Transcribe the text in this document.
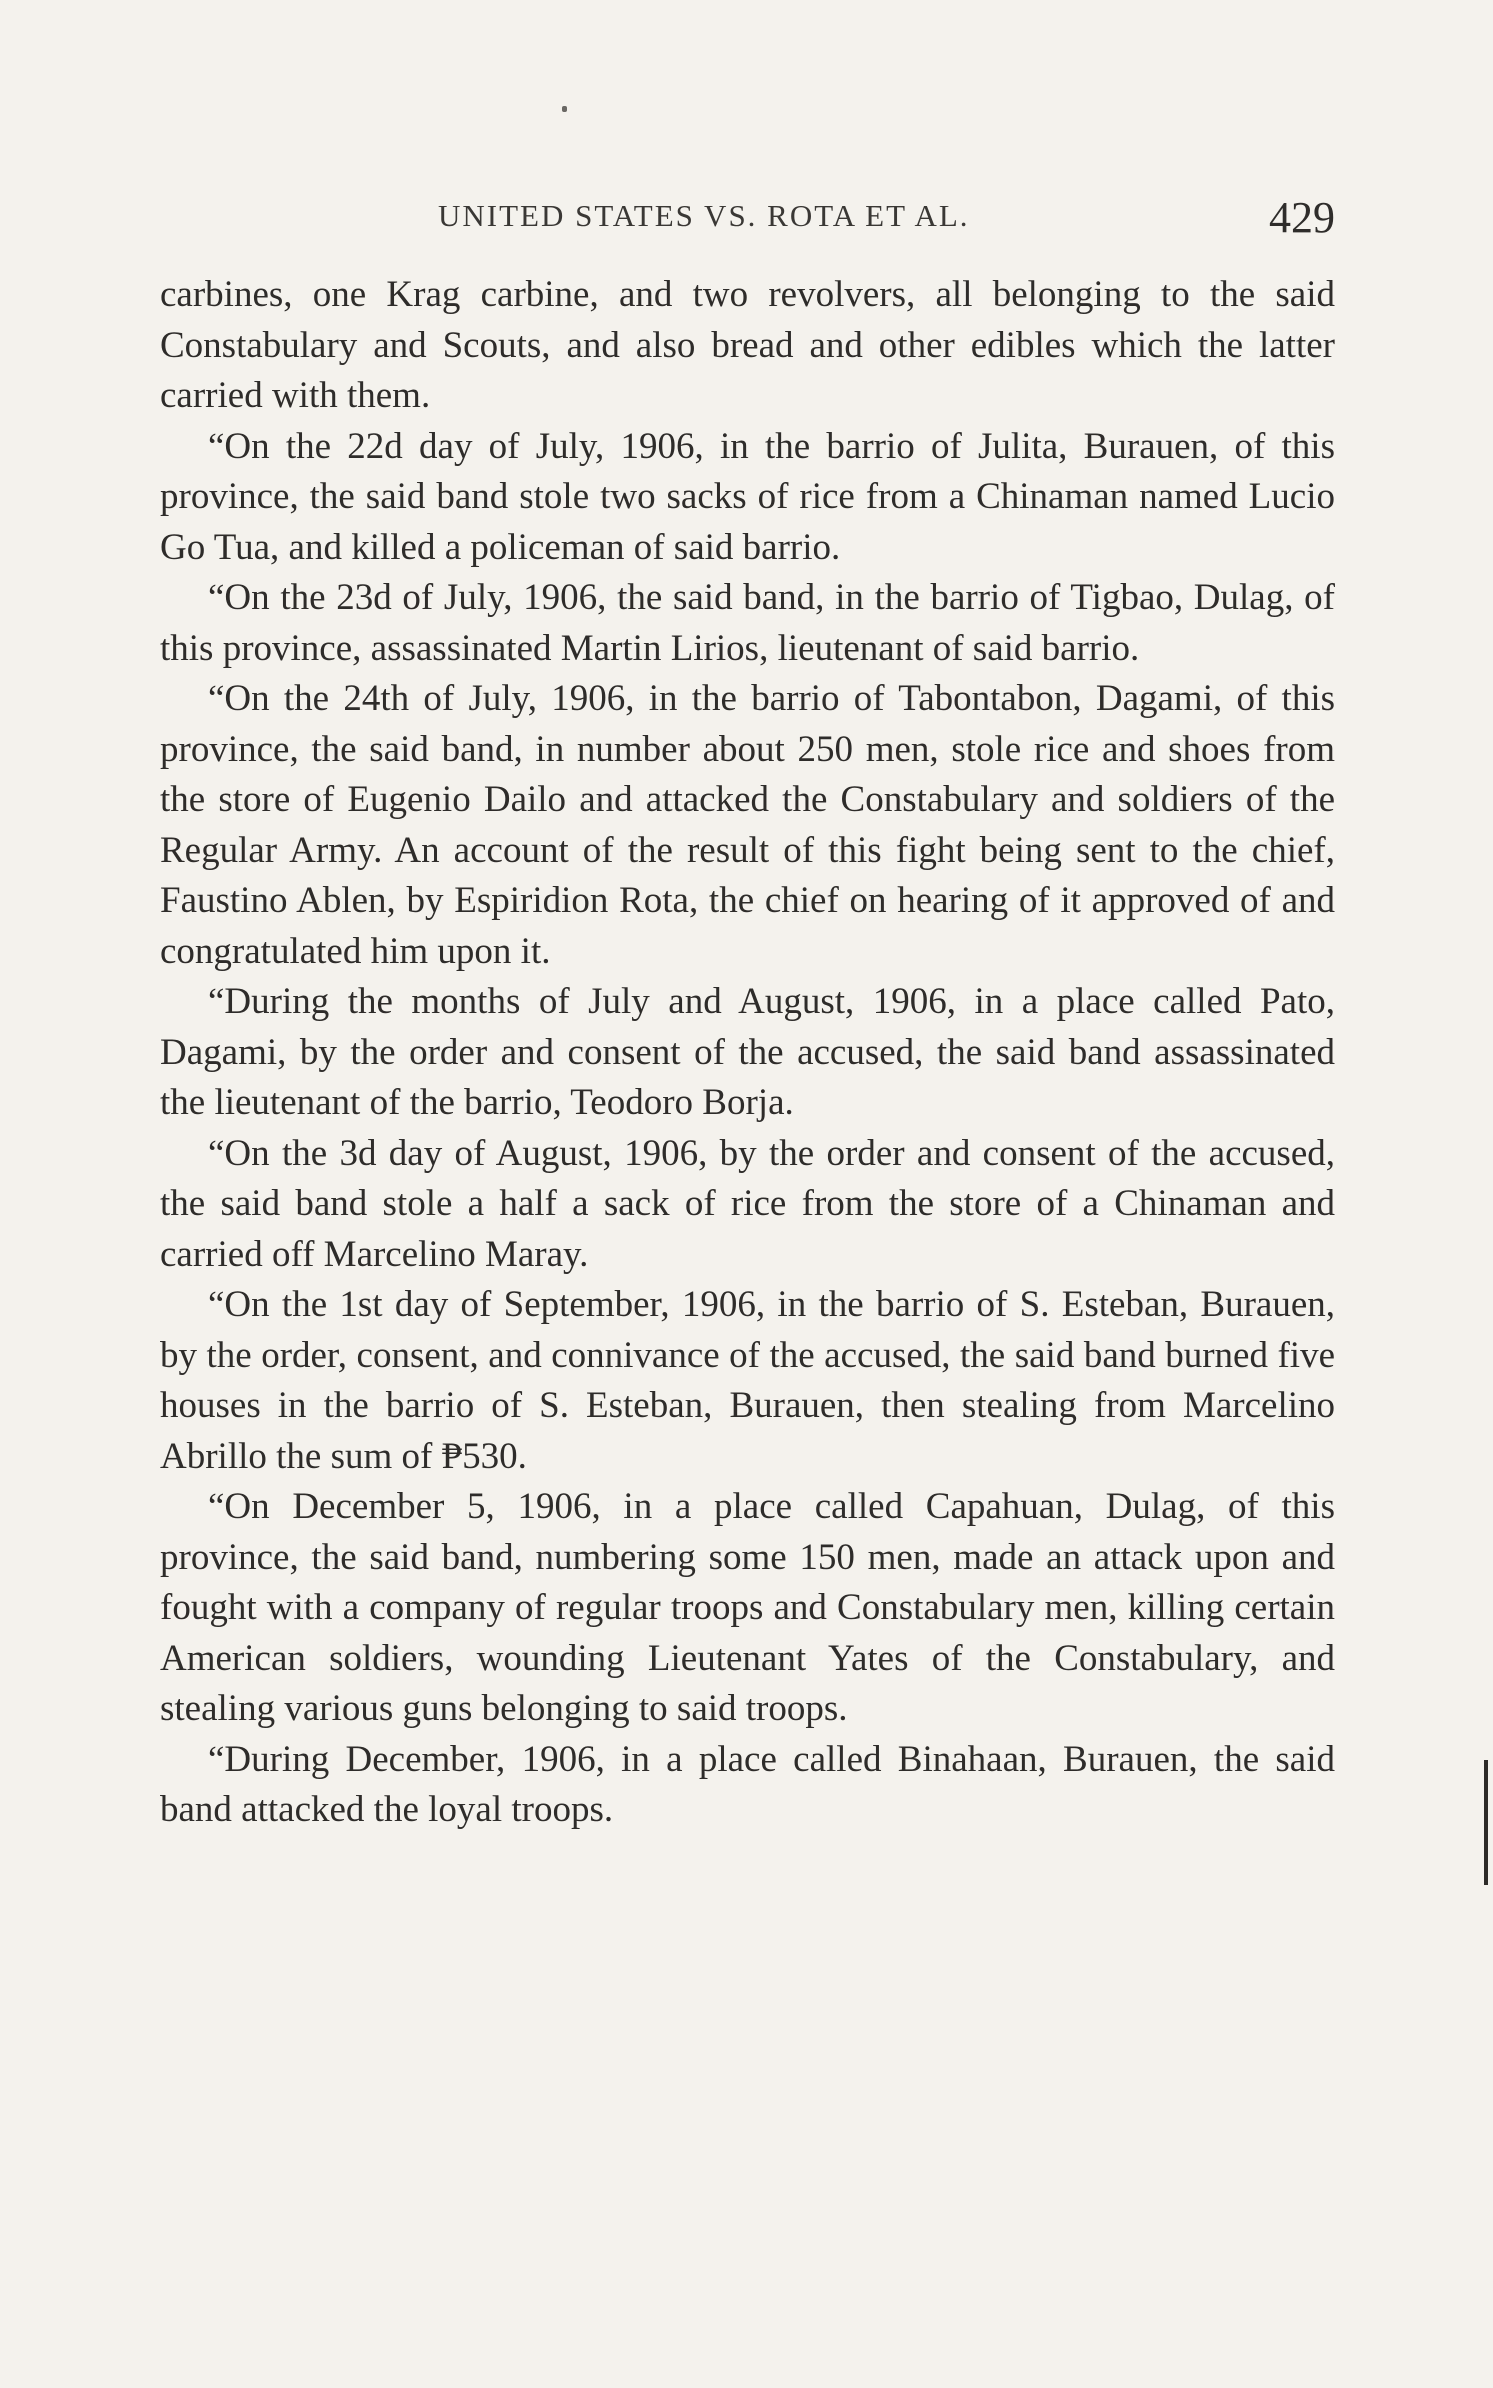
UNITED STATES VS. ROTA ET AL.	429

carbines, one Krag carbine, and two revolvers, all belonging to the said Constabulary and Scouts, and also bread and other edibles which the latter carried with them.

“On the 22d day of July, 1906, in the barrio of Julita, Burauen, of this province, the said band stole two sacks of rice from a Chinaman named Lucio Go Tua, and killed a policeman of said barrio.

“On the 23d of July, 1906, the said band, in the barrio of Tigbao, Dulag, of this province, assassinated Martin Lirios, lieutenant of said barrio.

“On the 24th of July, 1906, in the barrio of Tabontabon, Dagami, of this province, the said band, in number about 250 men, stole rice and shoes from the store of Eugenio Dailo and attacked the Constabulary and soldiers of the Regular Army. An account of the result of this fight being sent to the chief, Faustino Ablen, by Espiridion Rota, the chief on hearing of it approved of and congratulated him upon it.

“During the months of July and August, 1906, in a place called Pato, Dagami, by the order and consent of the accused, the said band assassinated the lieutenant of the barrio, Teodoro Borja.

“On the 3d day of August, 1906, by the order and consent of the accused, the said band stole a half a sack of rice from the store of a Chinaman and carried off Marcelino Maray.

“On the 1st day of September, 1906, in the barrio of S. Esteban, Burauen, by the order, consent, and connivance of the accused, the said band burned five houses in the barrio of S. Esteban, Burauen, then stealing from Marcelino Abrillo the sum of ₱530.

“On December 5, 1906, in a place called Capahuan, Dulag, of this province, the said band, numbering some 150 men, made an attack upon and fought with a company of regular troops and Constabulary men, killing certain American soldiers, wounding Lieutenant Yates of the Constabulary, and stealing various guns belonging to said troops.

“During December, 1906, in a place called Binahaan, Burauen, the said band attacked the loyal troops.
